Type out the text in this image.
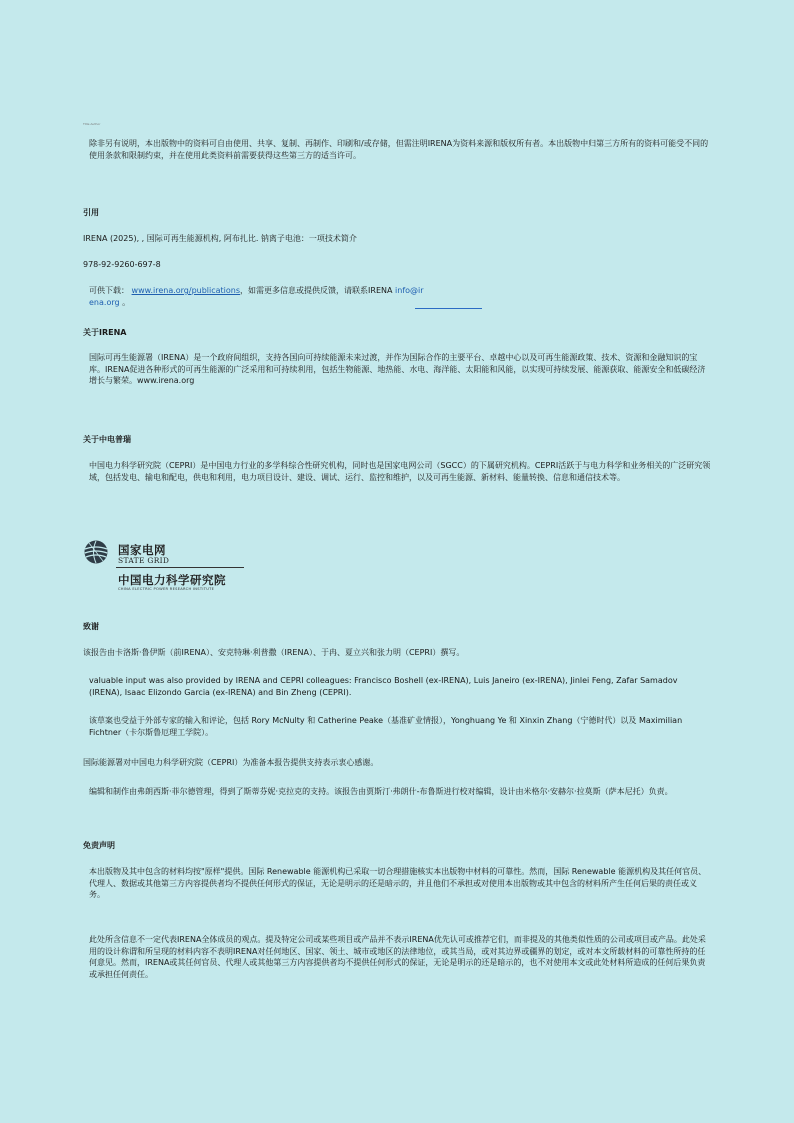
Title Author
除非另有说明，本出版物中的资料可自由使用、共享、复制、再制作、印刷和/或存储，但需注明IRENA为资料来源和版权所有者。本出版物中归第三方所有的资料可能受不同的使用条款和限制约束，并在使用此类资料前需要获得这些第三方的适当许可。
引用
IRENA (2025), , 国际可再生能源机构, 阿布扎比. 钠离子电池：一项技术简介
978-92-9260-697-8
可供下载： www.irena.org/publications，如需更多信息或提供反馈，请联系IRENA info@ir
ena.org 。
关于IRENA
国际可再生能源署（IRENA）是一个政府间组织，支持各国向可持续能源未来过渡，并作为国际合作的主要平台、卓越中心以及可再生能源政策、技术、资源和金融知识的宝库。IRENA促进各种形式的可再生能源的广泛采用和可持续利用，包括生物能源、地热能、水电、海洋能、太阳能和风能，以实现可持续发展、能源获取、能源安全和低碳经济增长与繁荣。www.irena.org
关于中电普瑞
中国电力科学研究院（CEPRI）是中国电力行业的多学科综合性研究机构，同时也是国家电网公司（SGCC）的下属研究机构。CEPRI活跃于与电力科学和业务相关的广泛研究领域，包括发电、输电和配电，供电和利用，电力项目设计、建设、调试、运行、监控和维护，以及可再生能源、新材料、能量转换、信息和通信技术等。
国家电网
STATE GRID
中国电力科学研究院
CHINA ELECTRIC POWER RESEARCH INSTITUTE
致谢
该报告由卡洛斯·鲁伊斯（前IRENA）、安克特琳·利普撒（IRENA）、于冉、夏立兴和张力明（CEPRI）撰写。
valuable input was also provided by IRENA and CEPRI colleagues: Francisco Boshell (ex-IRENA), Luis Janeiro (ex-IRENA), Jinlei Feng, Zafar Samadov (IRENA), Isaac Elizondo Garcia (ex-IRENA) and Bin Zheng (CEPRI).
该草案也受益于外部专家的输入和评论，包括 Rory McNulty 和 Catherine Peake（基准矿业情报），Yonghuang Ye 和 Xinxin Zhang（宁德时代）以及 Maximilian Fichtner（卡尔斯鲁厄理工学院）。
国际能源署对中国电力科学研究院（CEPRI）为准备本报告提供支持表示衷心感谢。
编辑和制作由弗朗西斯·菲尔德管理，得到了斯蒂芬妮·克拉克的支持。该报告由贾斯汀·弗朗什-布鲁斯进行校对编辑，设计由米格尔·安赫尔·拉莫斯（萨本尼托）负责。
免责声明
本出版物及其中包含的材料均按"原样"提供。国际 Renewable 能源机构已采取一切合理措施核实本出版物中材料的可靠性。然而，国际 Renewable 能源机构及其任何官员、代理人、数据或其他第三方内容提供者均不提供任何形式的保证，无论是明示的还是暗示的，并且他们不承担或对使用本出版物或其中包含的材料所产生任何后果的责任或义务。
此处所含信息不一定代表IRENA全体成员的观点。提及特定公司或某些项目或产品并不表示IRENA优先认可或推荐它们，而非提及的其他类似性质的公司或项目或产品。此处采用的设计称谓和所呈现的材料内容不表明IRENA对任何地区、国家、领土、城市或地区的法律地位，或其当局，或对其边界或疆界的划定，或对本文所载材料的可靠性所持的任何意见。然而，IRENA或其任何官员、代理人或其他第三方内容提供者均不提供任何形式的保证，无论是明示的还是暗示的，也不对使用本文或此处材料所造成的任何后果负责或承担任何责任。
